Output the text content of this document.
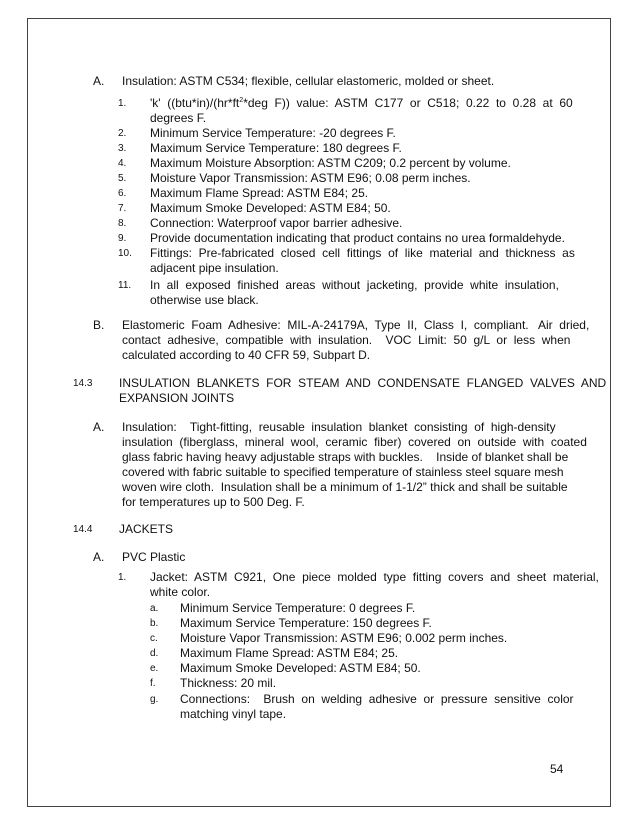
A. Insulation: ASTM C534; flexible, cellular elastomeric, molded or sheet.
1. 'k'  ($(btu*in)/(hr*ft^2*deg$  F))  value:  ASTM  C177  or  C518;  0.22  to  0.28  at  60
degrees F.
2. Minimum Service Temperature: -20 degrees F.
3. Maximum Service Temperature: 180 degrees F.
4. Maximum Moisture Absorption: ASTM C209; 0.2 percent by volume.
5. Moisture Vapor Transmission: ASTM E96; 0.08 perm inches.
6. Maximum Flame Spread: ASTM E84; 25.
7. Maximum Smoke Developed: ASTM E84; 50.
8. Connection: Waterproof vapor barrier adhesive.
9. Provide documentation indicating that product contains no urea formaldehyde.
10. Fittings:  Pre-fabricated  closed  cell  fittings  of  like  material  and  thickness  as
adjacent pipe insulation.
11. In  all  exposed  finished  areas  without  jacketing,  provide  white  insulation,
otherwise use black.
B. Elastomeric  Foam  Adhesive:  MIL-A-24179A,  Type  II,  Class  I,  compliant.   Air  dried,
contact  adhesive,  compatible  with  insulation.    VOC  Limit:  50  g/L  or  less  when
calculated according to 40 CFR 59, Subpart D.
14.3 INSULATION  BLANKETS  FOR  STEAM  AND  CONDENSATE  FLANGED  VALVES  AND
EXPANSION JOINTS
A. Insulation:    Tight-fitting,  reusable  insulation  blanket  consisting  of  high-density
insulation  (fiberglass,  mineral  wool,  ceramic  fiber)  covered  on  outside  with  coated
glass fabric having heavy adjustable straps with buckles.    Inside of blanket shall be
covered with fabric suitable to specified temperature of stainless steel square mesh
woven wire cloth.  Insulation shall be a minimum of 1-1/2” thick and shall be suitable
for temperatures up to 500 Deg. F.
14.4 JACKETS
A. PVC Plastic
1. Jacket:  ASTM  C921,  One  piece  molded  type  fitting  covers  and  sheet  material,
white color.
a. Minimum Service Temperature: 0 degrees F.
b. Maximum Service Temperature: 150 degrees F.
c. Moisture Vapor Transmission: ASTM E96; 0.002 perm inches.
d. Maximum Flame Spread: ASTM E84; 25.
e. Maximum Smoke Developed: ASTM E84; 50.
f. Thickness: 20 mil.
g. Connections:    Brush  on  welding  adhesive  or  pressure  sensitive  color
matching vinyl tape.
54
